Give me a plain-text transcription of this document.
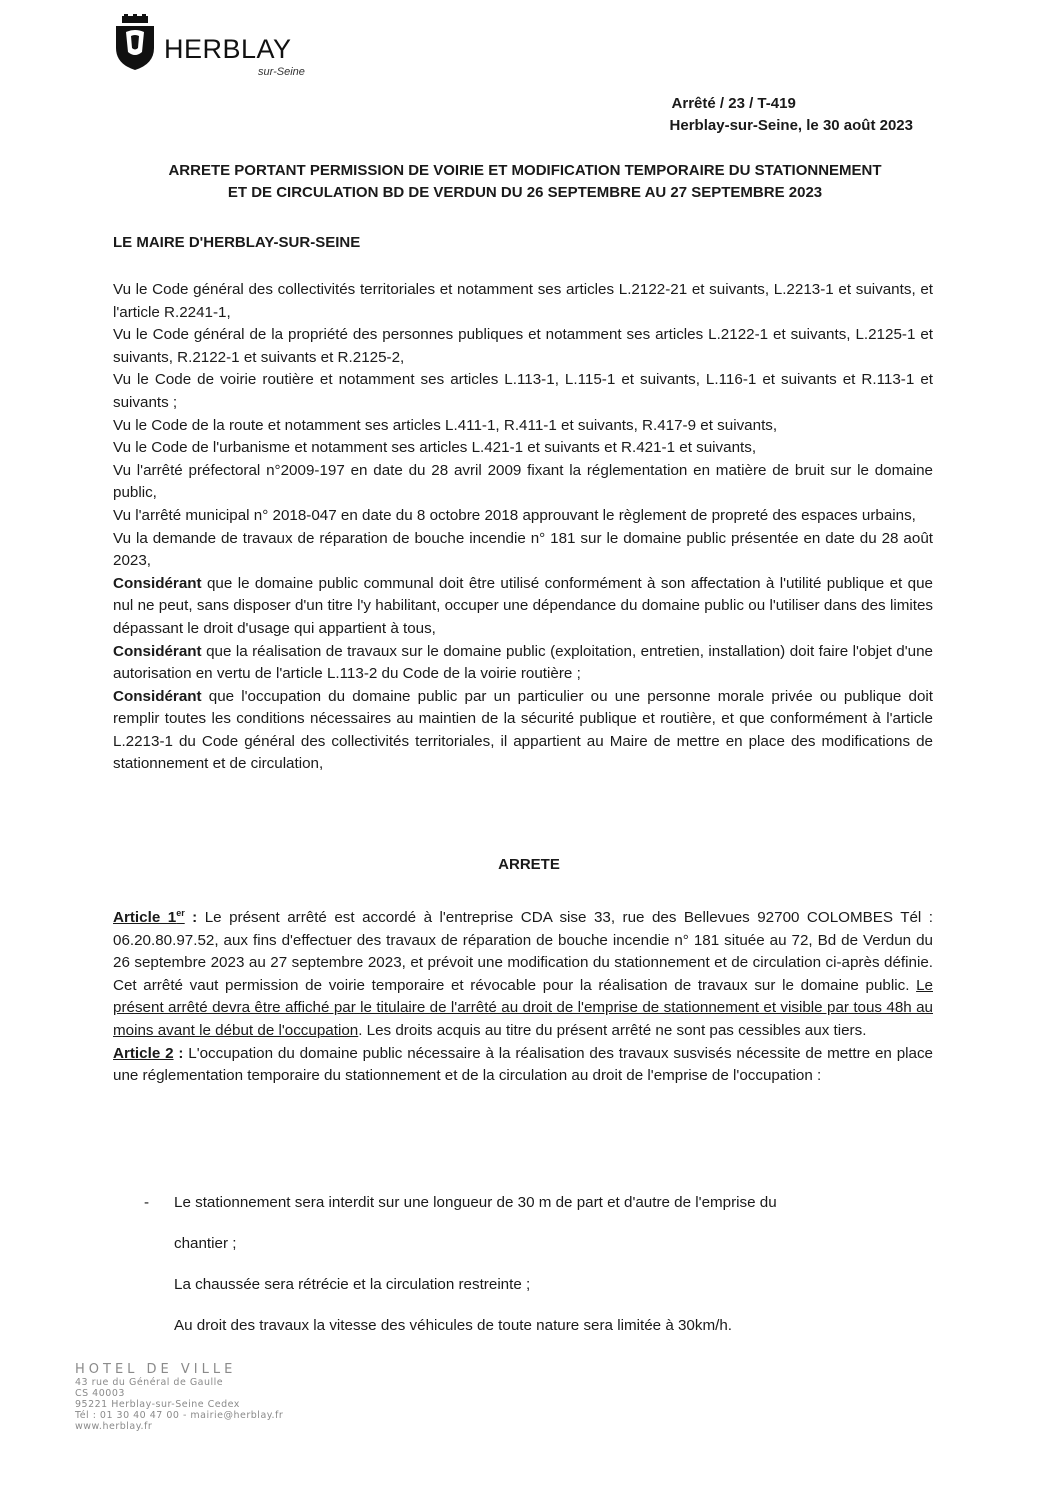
HERBLAY
sur-Seine
Arrêté / 23 / T-419
Herblay-sur-Seine, le 30 août 2023
ARRETE PORTANT PERMISSION DE VOIRIE ET MODIFICATION TEMPORAIRE DU STATIONNEMENT
ET DE CIRCULATION BD DE VERDUN DU 26 SEPTEMBRE AU 27 SEPTEMBRE 2023
LE MAIRE D'HERBLAY-SUR-SEINE

Vu le Code général des collectivités territoriales et notamment ses articles L.2122-21 et suivants, L.2213-1 et suivants, et l'article R.2241-1,

Vu le Code général de la propriété des personnes publiques et notamment ses articles L.2122-1 et suivants, L.2125-1 et suivants, R.2122-1 et suivants et R.2125-2,

Vu le Code de voirie routière et notamment ses articles L.113-1, L.115-1 et suivants, L.116-1 et suivants et R.113-1 et suivants ;

Vu le Code de la route et notamment ses articles L.411-1, R.411-1 et suivants, R.417-9 et suivants,

Vu le Code de l'urbanisme et notamment ses articles L.421-1 et suivants et R.421-1 et suivants,

Vu l'arrêté préfectoral n°2009-197 en date du 28 avril 2009 fixant la réglementation en matière de bruit sur le domaine public,

Vu l'arrêté municipal n° 2018-047 en date du 8 octobre 2018 approuvant le règlement de propreté des espaces urbains,

Vu la demande de travaux de réparation de bouche incendie n° 181 sur le domaine public présentée en date du 28 août 2023,

Considérant que le domaine public communal doit être utilisé conformément à son affectation à l'utilité publique et que nul ne peut, sans disposer d'un titre l'y habilitant, occuper une dépendance du domaine public ou l'utiliser dans des limites dépassant le droit d'usage qui appartient à tous,

Considérant que la réalisation de travaux sur le domaine public (exploitation, entretien, installation) doit faire l'objet d'une autorisation en vertu de l'article L.113-2 du Code de la voirie routière ;

Considérant que l'occupation du domaine public par un particulier ou une personne morale privée ou publique doit remplir toutes les conditions nécessaires au maintien de la sécurité publique et routière, et que conformément à l'article L.2213-1 du Code général des collectivités territoriales, il appartient au Maire de mettre en place des modifications de stationnement et de circulation,

ARRETE

Article 1er : Le présent arrêté est accordé à l'entreprise CDA sise 33, rue des Bellevues 92700 COLOMBES Tél : 06.20.80.97.52, aux fins d'effectuer des travaux de réparation de bouche incendie n° 181 située au 72, Bd de Verdun du 26 septembre 2023 au 27 septembre 2023, et prévoit une modification du stationnement et de circulation ci-après définie. Cet arrêté vaut permission de voirie temporaire et révocable pour la réalisation de travaux sur le domaine public. Le présent arrêté devra être affiché par le titulaire de l'arrêté au droit de l'emprise de stationnement et visible par tous 48h au moins avant le début de l'occupation. Les droits acquis au titre du présent arrêté ne sont pas cessibles aux tiers.

Article 2 : L'occupation du domaine public nécessaire à la réalisation des travaux susvisés nécessite de mettre en place une réglementation temporaire du stationnement et de la circulation au droit de l'emprise de l'occupation :

- Le stationnement sera interdit sur une longueur de 30 m de part et d'autre de l'emprise du
chantier ;
La chaussée sera rétrécie et la circulation restreinte ;
Au droit des travaux la vitesse des véhicules de toute nature sera limitée à 30km/h.
HOTEL DE VILLE
43 rue du Général de Gaulle
CS 40003
95221 Herblay-sur-Seine Cedex
Tél : 01 30 40 47 00 - mairie@herblay.fr
www.herblay.fr
